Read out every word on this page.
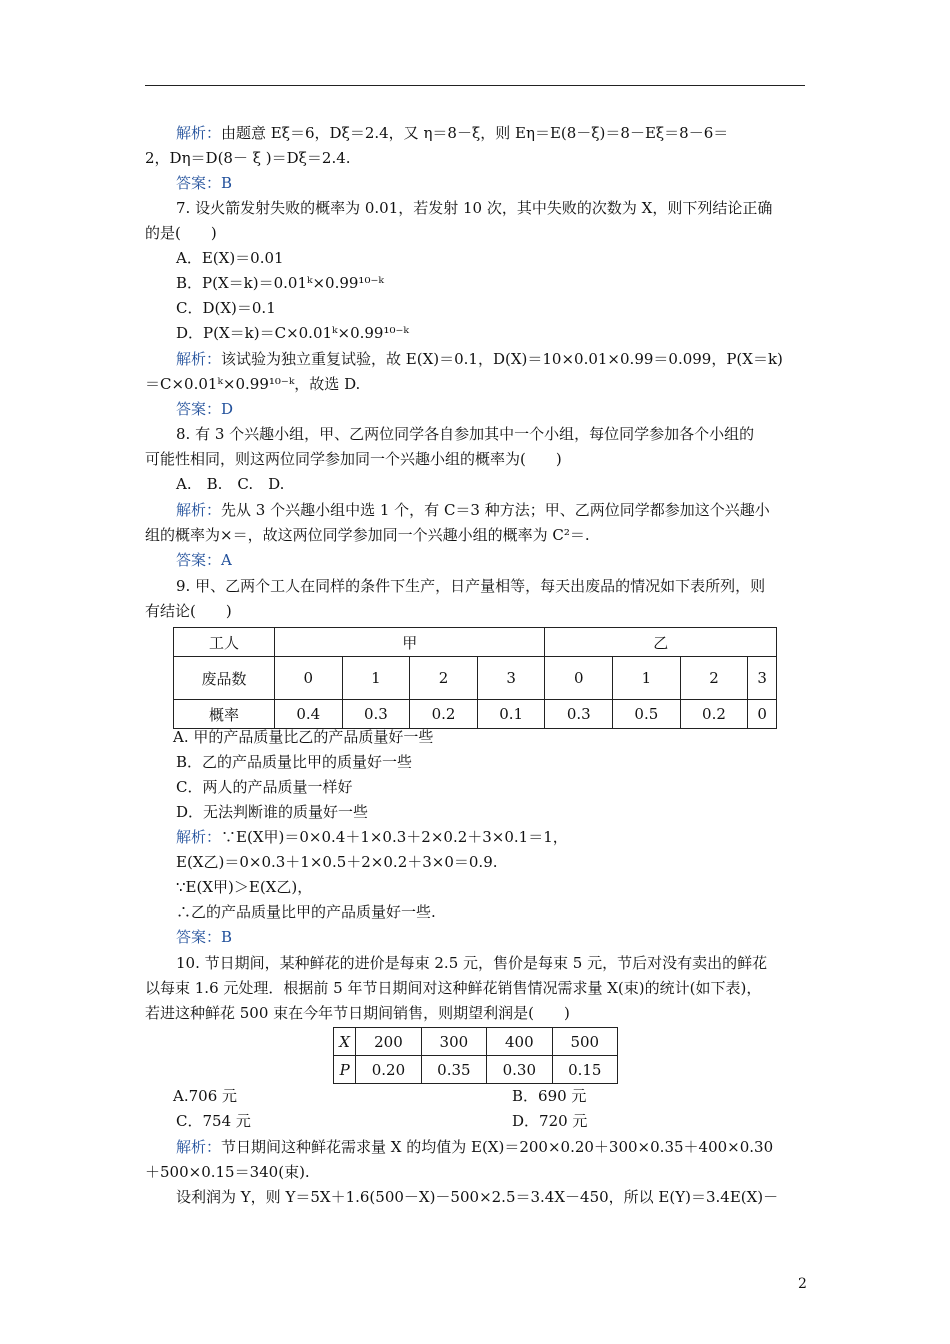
解析：由题意 Eξ＝6，Dξ＝2.4，又 η＝8－ξ，则 Eη＝E(8－ξ)＝8－Eξ＝8－6＝
2，Dη＝D(8－ ξ )＝Dξ＝2.4.
答案：B
7. 设火箭发射失败的概率为 0.01，若发射 10 次，其中失败的次数为 X，则下列结论正确
的是(　　)
A．E(X)＝0.01
B．P(X＝k)＝0.01ᵏ×0.99¹⁰⁻ᵏ
C．D(X)＝0.1
D．P(X＝k)＝C×0.01ᵏ×0.99¹⁰⁻ᵏ
解析：该试验为独立重复试验，故 E(X)＝0.1，D(X)＝10×0.01×0.99＝0.099，P(X＝k)
＝C×0.01ᵏ×0.99¹⁰⁻ᵏ，故选 D.
答案：D
8. 有 3 个兴趣小组，甲、乙两位同学各自参加其中一个小组，每位同学参加各个小组的
可能性相同，则这两位同学参加同一个兴趣小组的概率为(　　)
A.　B.　C.　D.
解析：先从 3 个兴趣小组中选 1 个，有 C＝3 种方法；甲、乙两位同学都参加这个兴趣小
组的概率为×＝，故这两位同学参加同一个兴趣小组的概率为 C²＝.
答案：A
9. 甲、乙两个工人在同样的条件下生产，日产量相等，每天出废品的情况如下表所列，则
有结论(　　)
工人	甲				乙			
废品数	0	1	2	3	0	1	2	3
概率	0.4	0.3	0.2	0.1	0.3	0.5	0.2	0
A. 甲的产品质量比乙的产品质量好一些
B．乙的产品质量比甲的质量好一些
C．两人的产品质量一样好
D．无法判断谁的质量好一些
解析：∵E(X甲)＝0×0.4＋1×0.3＋2×0.2＋3×0.1＝1，
E(X乙)＝0×0.3＋1×0.5＋2×0.2＋3×0＝0.9.
∵E(X甲)＞E(X乙)，
∴乙的产品质量比甲的产品质量好一些.
答案：B
10. 节日期间，某种鲜花的进价是每束 2.5 元，售价是每束 5 元，节后对没有卖出的鲜花
以每束 1.6 元处理．根据前 5 年节日期间对这种鲜花销售情况需求量 X(束)的统计(如下表)，
若进这种鲜花 500 束在今年节日期间销售，则期望利润是(　　)
X	200	300	400	500
P	0.20	0.35	0.30	0.15
A.706 元	B．690 元
C．754 元	D．720 元
解析：节日期间这种鲜花需求量 X 的均值为 E(X)＝200×0.20＋300×0.35＋400×0.30
＋500×0.15＝340(束).
设利润为 Y，则 Y＝5X＋1.6(500－X)－500×2.5＝3.4X－450，所以 E(Y)＝3.4E(X)－
2
